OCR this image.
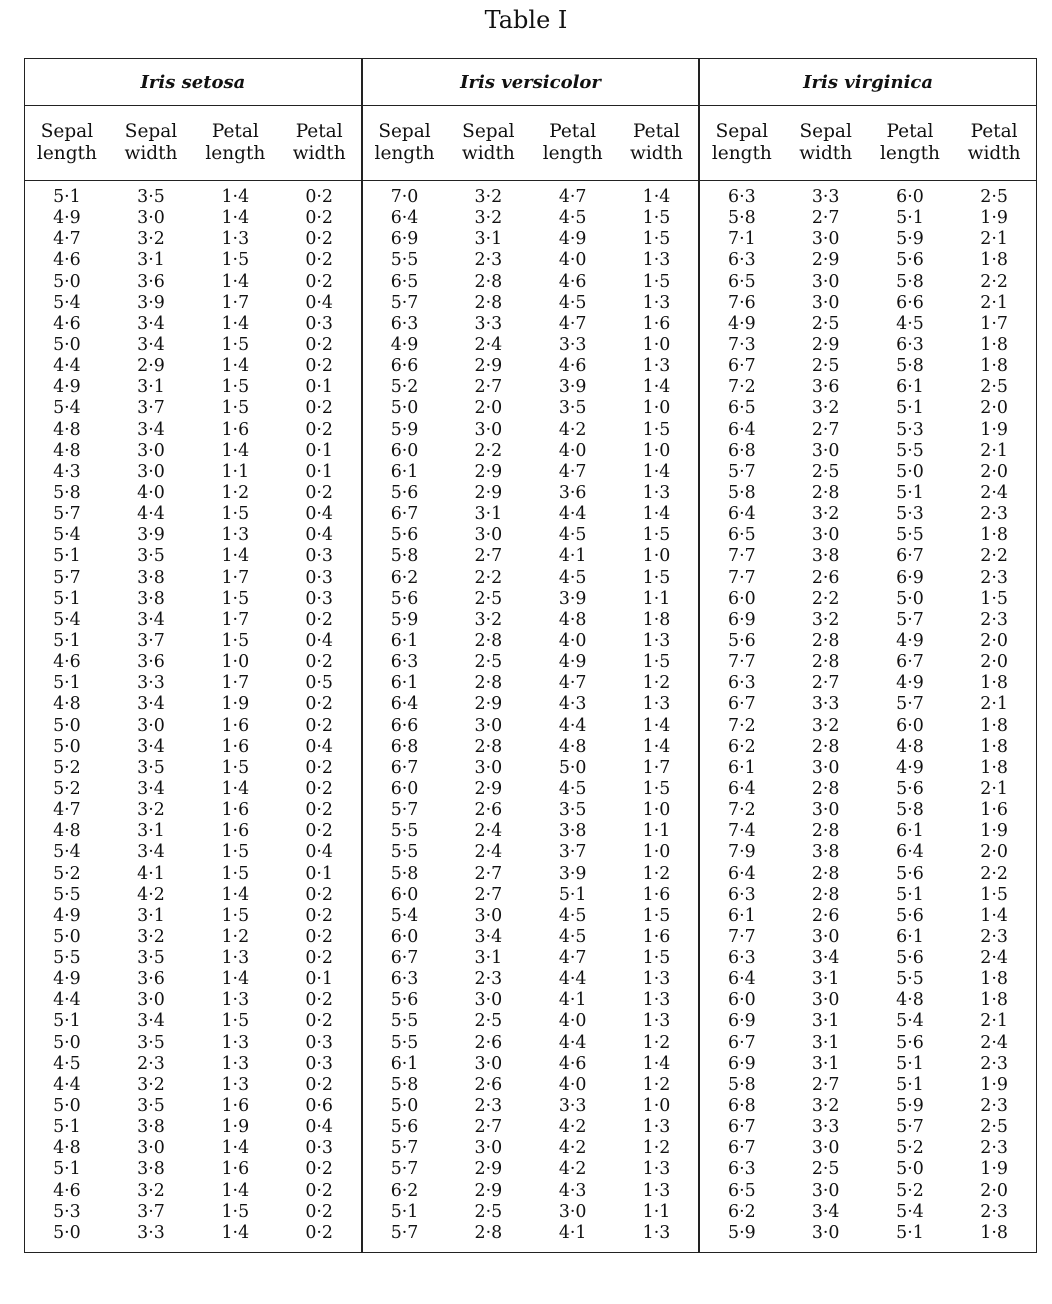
Table I
Iris setosa				Iris versicolor				Iris virginica			

Sepal
length	Sepal
width	Petal
length	Petal
width	Sepal
length	Sepal
width	Petal
length	Petal
width	Sepal
length	Sepal
width	Petal
length	Petal
width

5·1	3·5	1·4	0·2	7·0	3·2	4·7	1·4	6·3	3·3	6·0	2·5
4·9	3·0	1·4	0·2	6·4	3·2	4·5	1·5	5·8	2·7	5·1	1·9
4·7	3·2	1·3	0·2	6·9	3·1	4·9	1·5	7·1	3·0	5·9	2·1
4·6	3·1	1·5	0·2	5·5	2·3	4·0	1·3	6·3	2·9	5·6	1·8
5·0	3·6	1·4	0·2	6·5	2·8	4·6	1·5	6·5	3·0	5·8	2·2
5·4	3·9	1·7	0·4	5·7	2·8	4·5	1·3	7·6	3·0	6·6	2·1
4·6	3·4	1·4	0·3	6·3	3·3	4·7	1·6	4·9	2·5	4·5	1·7
5·0	3·4	1·5	0·2	4·9	2·4	3·3	1·0	7·3	2·9	6·3	1·8
4·4	2·9	1·4	0·2	6·6	2·9	4·6	1·3	6·7	2·5	5·8	1·8
4·9	3·1	1·5	0·1	5·2	2·7	3·9	1·4	7·2	3·6	6·1	2·5
5·4	3·7	1·5	0·2	5·0	2·0	3·5	1·0	6·5	3·2	5·1	2·0
4·8	3·4	1·6	0·2	5·9	3·0	4·2	1·5	6·4	2·7	5·3	1·9
4·8	3·0	1·4	0·1	6·0	2·2	4·0	1·0	6·8	3·0	5·5	2·1
4·3	3·0	1·1	0·1	6·1	2·9	4·7	1·4	5·7	2·5	5·0	2·0
5·8	4·0	1·2	0·2	5·6	2·9	3·6	1·3	5·8	2·8	5·1	2·4
5·7	4·4	1·5	0·4	6·7	3·1	4·4	1·4	6·4	3·2	5·3	2·3
5·4	3·9	1·3	0·4	5·6	3·0	4·5	1·5	6·5	3·0	5·5	1·8
5·1	3·5	1·4	0·3	5·8	2·7	4·1	1·0	7·7	3·8	6·7	2·2
5·7	3·8	1·7	0·3	6·2	2·2	4·5	1·5	7·7	2·6	6·9	2·3
5·1	3·8	1·5	0·3	5·6	2·5	3·9	1·1	6·0	2·2	5·0	1·5
5·4	3·4	1·7	0·2	5·9	3·2	4·8	1·8	6·9	3·2	5·7	2·3
5·1	3·7	1·5	0·4	6·1	2·8	4·0	1·3	5·6	2·8	4·9	2·0
4·6	3·6	1·0	0·2	6·3	2·5	4·9	1·5	7·7	2·8	6·7	2·0
5·1	3·3	1·7	0·5	6·1	2·8	4·7	1·2	6·3	2·7	4·9	1·8
4·8	3·4	1·9	0·2	6·4	2·9	4·3	1·3	6·7	3·3	5·7	2·1
5·0	3·0	1·6	0·2	6·6	3·0	4·4	1·4	7·2	3·2	6·0	1·8
5·0	3·4	1·6	0·4	6·8	2·8	4·8	1·4	6·2	2·8	4·8	1·8
5·2	3·5	1·5	0·2	6·7	3·0	5·0	1·7	6·1	3·0	4·9	1·8
5·2	3·4	1·4	0·2	6·0	2·9	4·5	1·5	6·4	2·8	5·6	2·1
4·7	3·2	1·6	0·2	5·7	2·6	3·5	1·0	7·2	3·0	5·8	1·6
4·8	3·1	1·6	0·2	5·5	2·4	3·8	1·1	7·4	2·8	6·1	1·9
5·4	3·4	1·5	0·4	5·5	2·4	3·7	1·0	7·9	3·8	6·4	2·0
5·2	4·1	1·5	0·1	5·8	2·7	3·9	1·2	6·4	2·8	5·6	2·2
5·5	4·2	1·4	0·2	6·0	2·7	5·1	1·6	6·3	2·8	5·1	1·5
4·9	3·1	1·5	0·2	5·4	3·0	4·5	1·5	6·1	2·6	5·6	1·4
5·0	3·2	1·2	0·2	6·0	3·4	4·5	1·6	7·7	3·0	6·1	2·3
5·5	3·5	1·3	0·2	6·7	3·1	4·7	1·5	6·3	3·4	5·6	2·4
4·9	3·6	1·4	0·1	6·3	2·3	4·4	1·3	6·4	3·1	5·5	1·8
4·4	3·0	1·3	0·2	5·6	3·0	4·1	1·3	6·0	3·0	4·8	1·8
5·1	3·4	1·5	0·2	5·5	2·5	4·0	1·3	6·9	3·1	5·4	2·1
5·0	3·5	1·3	0·3	5·5	2·6	4·4	1·2	6·7	3·1	5·6	2·4
4·5	2·3	1·3	0·3	6·1	3·0	4·6	1·4	6·9	3·1	5·1	2·3
4·4	3·2	1·3	0·2	5·8	2·6	4·0	1·2	5·8	2·7	5·1	1·9
5·0	3·5	1·6	0·6	5·0	2·3	3·3	1·0	6·8	3·2	5·9	2·3
5·1	3·8	1·9	0·4	5·6	2·7	4·2	1·3	6·7	3·3	5·7	2·5
4·8	3·0	1·4	0·3	5·7	3·0	4·2	1·2	6·7	3·0	5·2	2·3
5·1	3·8	1·6	0·2	5·7	2·9	4·2	1·3	6·3	2·5	5·0	1·9
4·6	3·2	1·4	0·2	6·2	2·9	4·3	1·3	6·5	3·0	5·2	2·0
5·3	3·7	1·5	0·2	5·1	2·5	3·0	1·1	6·2	3·4	5·4	2·3
5·0	3·3	1·4	0·2	5·7	2·8	4·1	1·3	5·9	3·0	5·1	1·8
